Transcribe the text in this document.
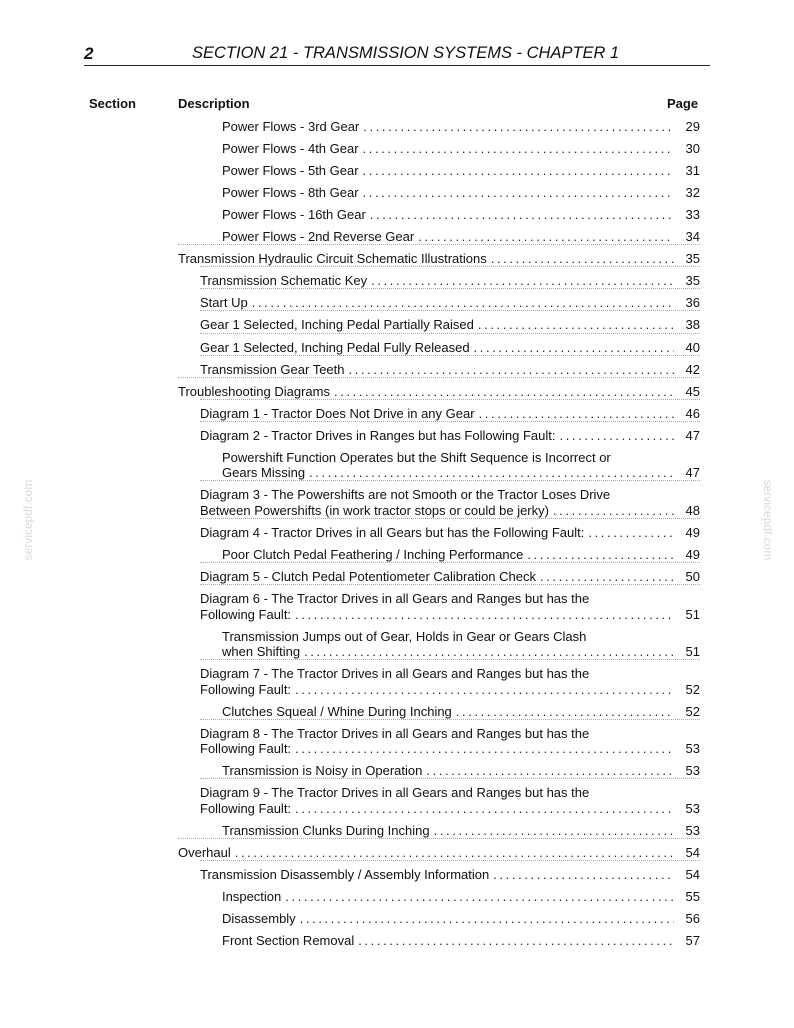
2	SECTION 21 - TRANSMISSION SYSTEMS - CHAPTER 1
Section	Description	Page
Power Flows - 3rd Gear .....	29
Power Flows - 4th Gear .....	30
Power Flows - 5th Gear .....	31
Power Flows - 8th Gear .....	32
Power Flows - 16th Gear .....	33
Power Flows - 2nd Reverse Gear .....	34
Transmission Hydraulic Circuit Schematic Illustrations .....	35
Transmission Schematic Key .....	35
Start Up .....	36
Gear 1 Selected, Inching Pedal Partially Raised .....	38
Gear 1 Selected, Inching Pedal Fully Released .....	40
Transmission Gear Teeth .....	42
Troubleshooting Diagrams .....	45
Diagram 1 - Tractor Does Not Drive in any Gear .....	46
Diagram 2 - Tractor Drives in Ranges but has Following Fault: .....	47
Powershift Function Operates but the Shift Sequence is Incorrect or
Gears Missing .....	47
Diagram 3 - The Powershifts are not Smooth or the Tractor Loses Drive
Between Powershifts (in work tractor stops or could be jerky) .....	48
Diagram 4 - Tractor Drives in all Gears but has the Following Fault: .....	49
Poor Clutch Pedal Feathering / Inching Performance .....	49
Diagram 5 - Clutch Pedal Potentiometer Calibration Check .....	50
Diagram 6 - The Tractor Drives in all Gears and Ranges but has the
Following Fault: .....	51
Transmission Jumps out of Gear, Holds in Gear or Gears Clash
when Shifting .....	51
Diagram 7 - The Tractor Drives in all Gears and Ranges but has the
Following Fault: .....	52
Clutches Squeal / Whine During Inching .....	52
Diagram 8 - The Tractor Drives in all Gears and Ranges but has the
Following Fault: .....	53
Transmission is Noisy in Operation .....	53
Diagram 9 - The Tractor Drives in all Gears and Ranges but has the
Following Fault: .....	53
Transmission Clunks During Inching .....	53
Overhaul .....	54
Transmission Disassembly / Assembly Information .....	54
Inspection .....	55
Disassembly .....	56
Front Section Removal .....	57
servicepdf.com	servicepdf.com
